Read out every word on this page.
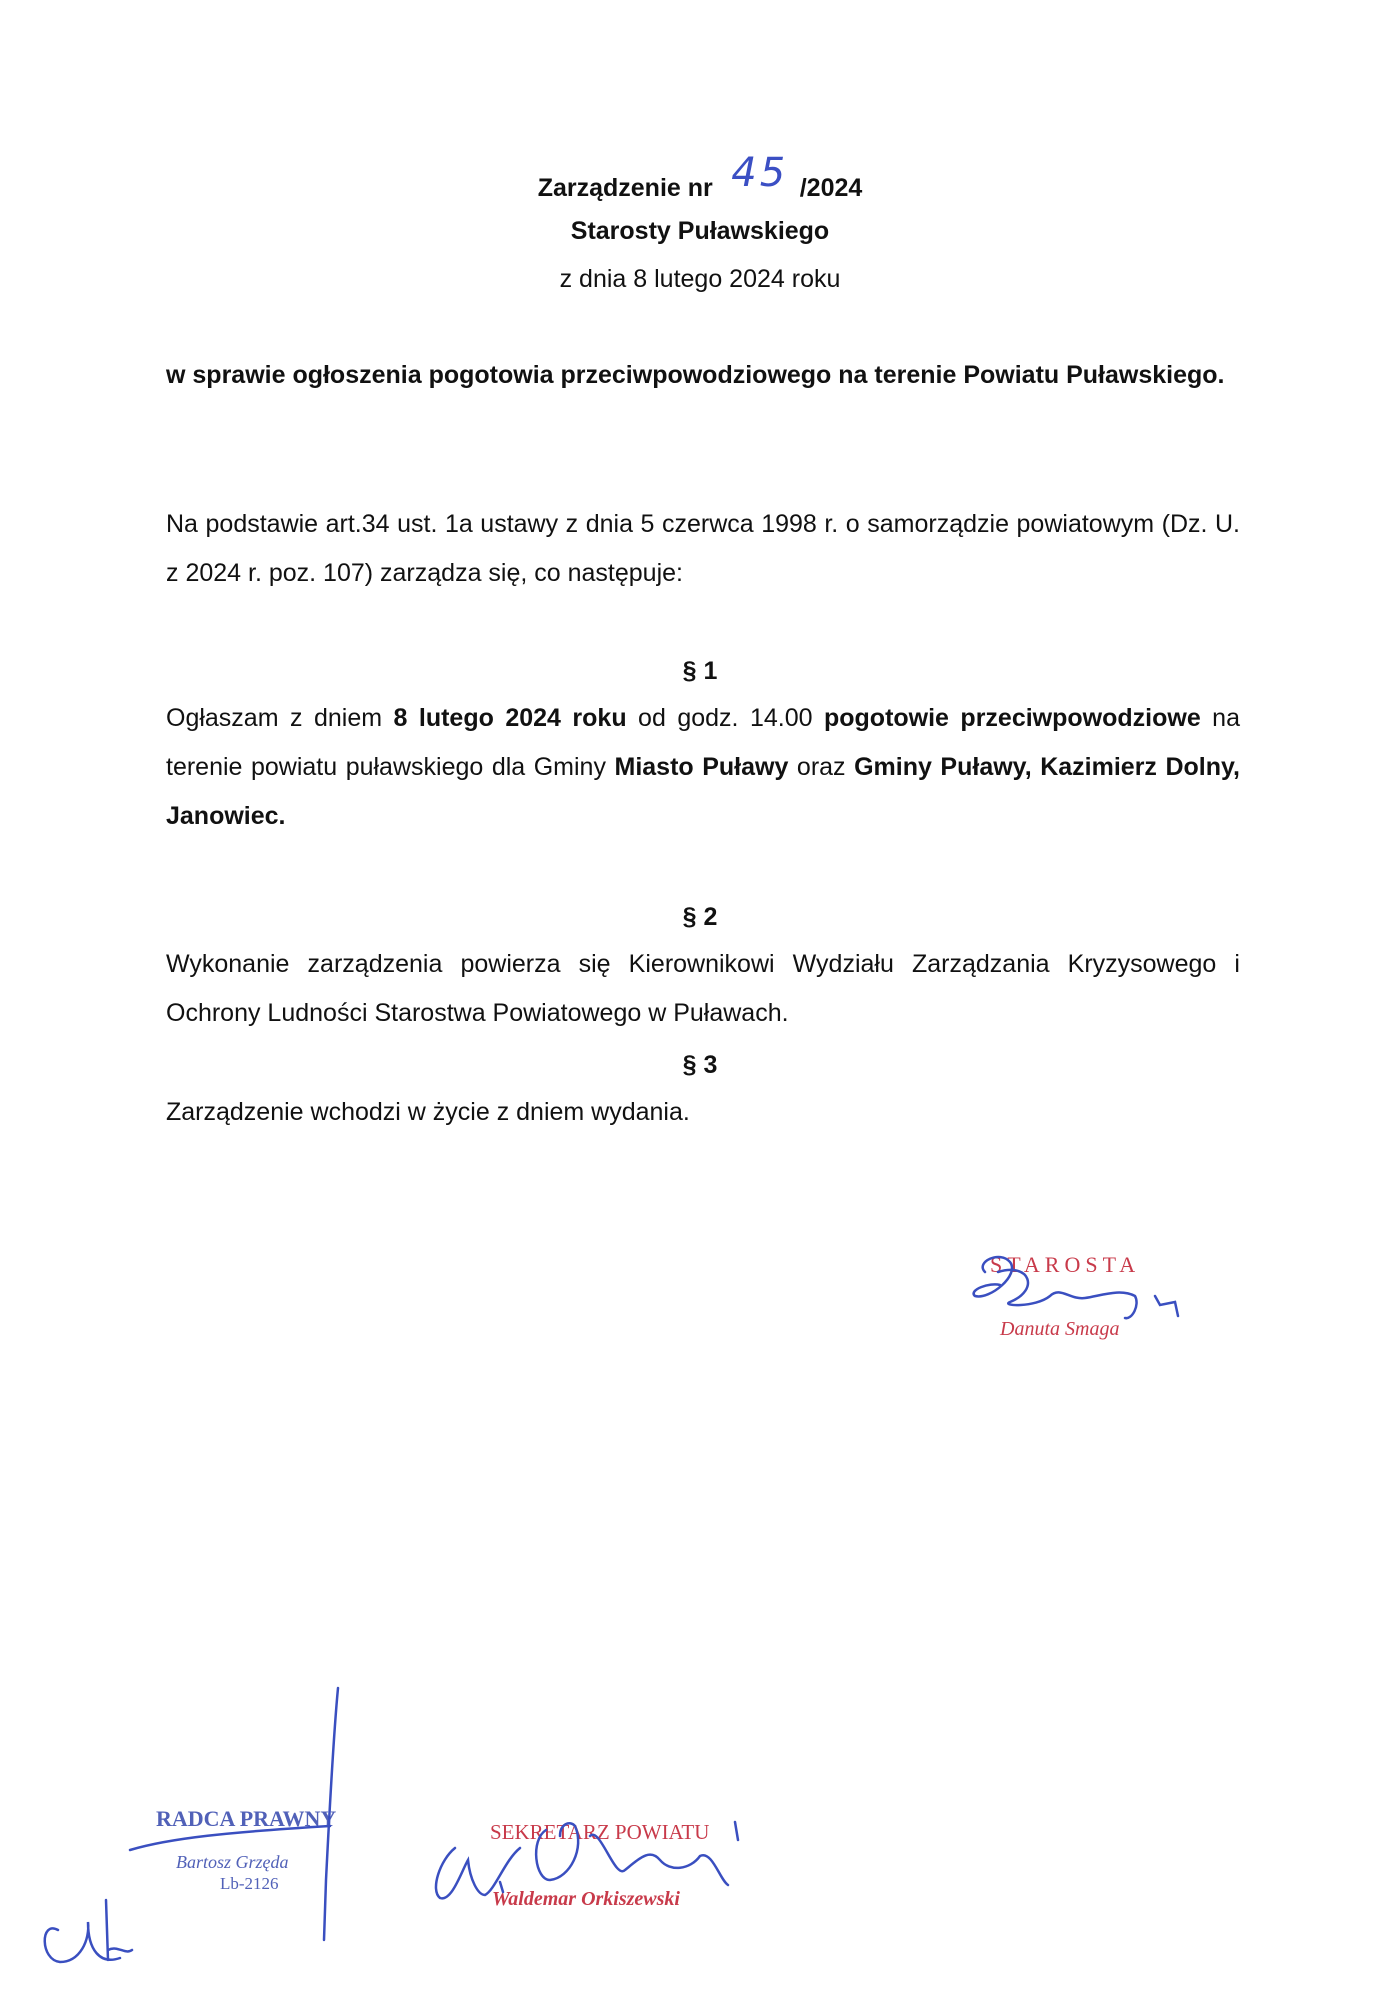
Zarządzenie nr 45 /2024
Starosty Puławskiego
z dnia 8 lutego 2024 roku
w sprawie ogłoszenia pogotowia przeciwpowodziowego na terenie Powiatu Puławskiego.
Na podstawie art.34 ust. 1a ustawy z dnia 5 czerwca 1998 r. o samorządzie powiatowym (Dz. U. z 2024 r. poz. 107) zarządza się, co następuje:
§ 1
Ogłaszam z dniem 8 lutego 2024 roku od godz. 14.00 pogotowie przeciwpowodziowe na terenie powiatu puławskiego dla Gminy Miasto Puławy oraz Gminy Puławy, Kazimierz Dolny, Janowiec.
§ 2
Wykonanie zarządzenia powierza się Kierownikowi Wydziału Zarządzania Kryzysowego i Ochrony Ludności Starostwa Powiatowego w Puławach.
§ 3
Zarządzenie wchodzi w życie z dniem wydania.
STAROSTA
Danuta Smaga
RADCA PRAWNY
Bartosz Grzęda
Lb-2126
SEKRETARZ POWIATU
Waldemar Orkiszewski
